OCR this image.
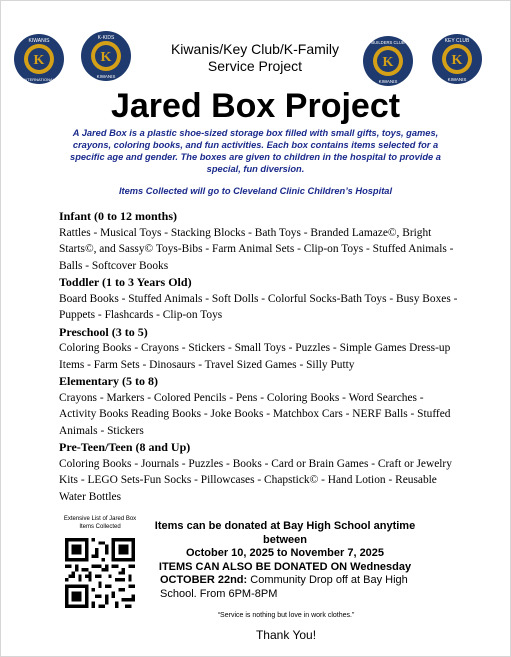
K
KIWANIS
INTERNATIONAL
K
K-KIDS
KIWANIS
K
BUILDERS CLUB
KIWANIS
K
KEY CLUB
KIWANIS
Kiwanis/Key Club/K-Family
Service Project
Jared Box Project
A Jared Box is a plastic shoe-sized storage box filled with small gifts, toys, games, crayons, coloring books, and fun activities. Each box contains items selected for a specific age and gender. The boxes are given to children in the hospital to provide a special, fun diversion.
Items Collected will go to Cleveland Clinic Children’s Hospital
Infant (0 to 12 months)
Rattles - Musical Toys - Stacking Blocks - Bath Toys - Branded Lamaze©, Bright Starts©, and Sassy© Toys-Bibs - Farm Animal Sets - Clip-on Toys - Stuffed Animals - Balls - Softcover Books
Toddler (1 to 3 Years Old)
Board Books - Stuffed Animals - Soft Dolls - Colorful Socks-Bath Toys - Busy Boxes - Puppets - Flashcards - Clip-on Toys
Preschool (3 to 5)
Coloring Books - Crayons - Stickers - Small Toys - Puzzles - Simple Games Dress-up Items - Farm Sets - Dinosaurs - Travel Sized Games - Silly Putty
Elementary (5 to 8)
Crayons - Markers - Colored Pencils - Pens - Coloring Books - Word Searches - Activity Books Reading Books - Joke Books - Matchbox Cars - NERF Balls - Stuffed Animals - Stickers
Pre-Teen/Teen (8 and Up)
Coloring Books - Journals - Puzzles - Books - Card or Brain Games - Craft or Jewelry Kits - LEGO Sets-Fun Socks - Pillowcases - Chapstick© - Hand Lotion - Reusable Water Bottles
Extensive List of Jared Box Items Collected	Items can be donated at Bay High School anytime between
October 10, 2025 to November 7, 2025
ITEMS CAN ALSO BE DONATED ON Wednesday
OCTOBER 22nd: Community Drop off at Bay High School. From 6PM-8PM
“Service is nothing but love in work clothes.”
Thank You!
